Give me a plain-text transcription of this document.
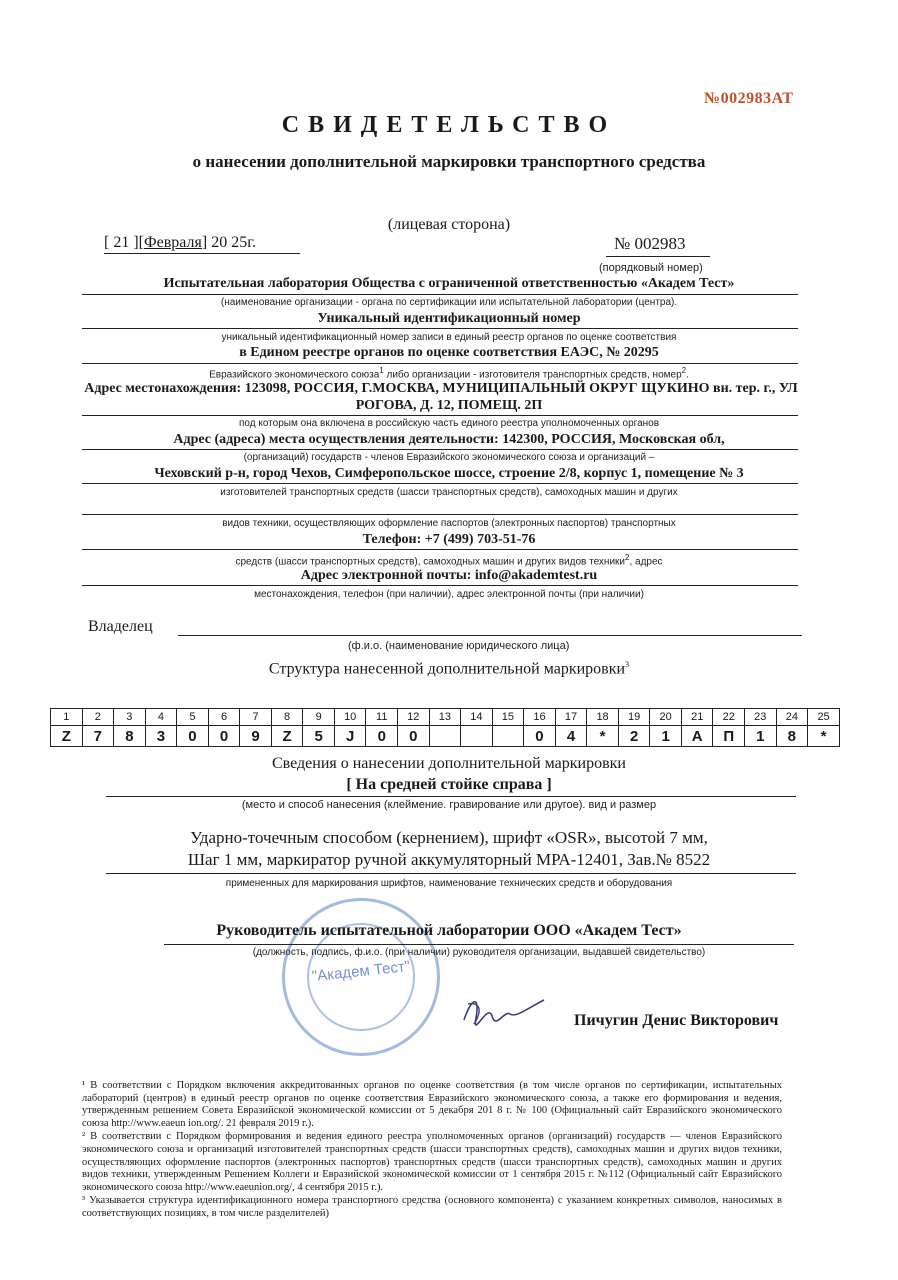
№002983АТ
СВИДЕТЕЛЬСТВО
о нанесении дополнительной маркировки транспортного средства
(лицевая сторона)
[ 21 ][Февраля] 20 25г.	№ 002983
(порядковый номер)
Испытательная лаборатория Общества с ограниченной ответственностью «Академ Тест»
(наименование организации - органа по сертификации или испытательной лаборатории (центра).
Уникальный идентификационный номер
уникальный идентификационный номер записи в единый реестр органов по оценке соответствия
в Едином реестре органов по оценке соответствия ЕАЭС, № 20295
Евразийского экономического союза$^1$ либо организации - изготовителя транспортных средств, номер$^2$.
Адрес местонахождения: 123098, РОССИЯ, Г.МОСКВА, МУНИЦИПАЛЬНЫЙ ОКРУГ ЩУКИНО вн. тер. г., УЛ
РОГОВА, Д. 12, ПОМЕЩ. 2П
под которым она включена в российскую часть единого реестра уполномоченных органов
Адрес (адреса) места осуществления деятельности: 142300, РОССИЯ, Московская обл,
(организаций) государств - членов Евразийского экономического союза и организаций –
Чеховский р-н, город Чехов, Симферопольское шоссе, строение 2/8, корпус 1, помещение № 3
изготовителей транспортных средств (шасси транспортных средств), самоходных машин и других
видов техники, осуществляющих оформление паспортов (электронных паспортов) транспортных
Телефон: +7 (499) 703-51-76
средств (шасси транспортных средств), самоходных машин и других видов техники$^2$, адрес
Адрес электронной почты: info@akademtest.ru
местонахождения, телефон (при наличии), адрес электронной почты (при наличии)
Владелец
(ф.и.о. (наименование юридического лица)
Структура нанесенной дополнительной маркировки$^3$
1	2	3	4	5	6	7	8	9	10	11	12	13	14	15	16	17	18	19	20	21	22	23	24	25
Z	7	8	3	0	0	9	Z	5	J	0	0				0	4	*	2	1	А	П	1	8	*
Сведения о нанесении дополнительной маркировки
[ На средней стойке справа ]
(место и способ нанесения (клеймение. гравирование или другое). вид и размер
Ударно-точечным способом (кернением), шрифт «OSR», высотой 7 мм,
Шаг 1 мм, маркиратор ручной аккумуляторный МРА-12401, Зав.№ 8522
примененных для маркирования шрифтов, наименование технических средств и оборудования
"Академ Тест"
Руководитель испытательной лаборатории ООО «Академ Тест»
(должность, подпись, ф.и.о. (при наличии) руководителя организации, выдавшей свидетельство)
Пичугин Денис Викторович

¹ В соответствии с Порядком включения аккредитованных органов по оценке соответствия (в том числе органов по сертификации, испытательных лабораторий (центров) в единый реестр органов по оценке соответствия Евразийского экономического союза, а также его формирования и ведения, утвержденным решением Совета Евразийской экономической комиссии от 5 декабря 201 8 г. № 100 (Официальный сайт Евразийского экономического союза http://www.eaeun ion.org/. 21 февраля 2019 г.).

² В соответствии с Порядком формирования и ведения единого реестра уполномоченных органов (организаций) государств — членов Евразийского экономического союза и организаций изготовителей транспортных средств (шасси транспортных средств), самоходных машин и других видов техники, осуществляющих оформление паспортов (электронных паспортов) транспортных средств (шасси транспортных средств), самоходных машин и других видов техники, утвержденным Решением Коллеги и Евразийской экономической комиссии от 1 сентября 2015 г. №112 (Официальный сайт Евразийского экономического союза http://www.eaeunion.org/, 4 сентября 2015 г.).

³ Указывается структура идентификационного номера транспортного средства (основного компонента) с указанием конкретных символов, наносимых в соответствующих позициях, в том числе разделителей)
